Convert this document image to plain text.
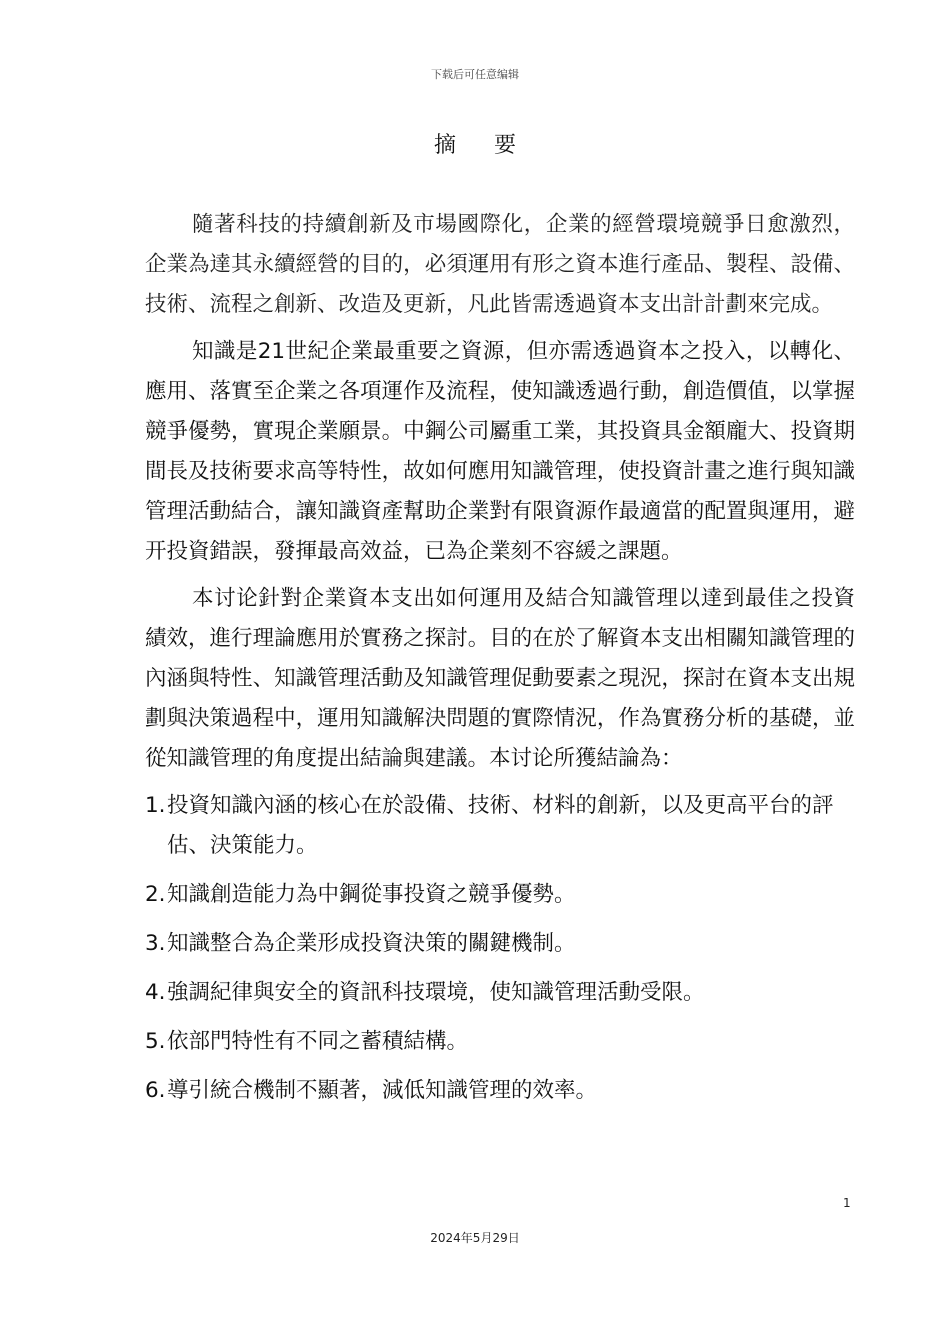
下载后可任意编辑
摘要

隨著科技的持續創新及市場國際化，企業的經營環境競爭日愈激烈，企業為達其永續經營的目的，必須運用有形之資本進行產品、製程、設備、技術、流程之創新、改造及更新，凡此皆需透過資本支出計計劃來完成。

知識是21世紀企業最重要之資源，但亦需透過資本之投入，以轉化、應用、落實至企業之各項運作及流程，使知識透過行動，創造價值，以掌握競爭優勢，實現企業願景。中鋼公司屬重工業，其投資具金額龐大、投資期間長及技術要求高等特性，故如何應用知識管理，使投資計畫之進行與知識管理活動結合，讓知識資產幫助企業對有限資源作最適當的配置與運用，避开投資錯誤，發揮最高效益，已為企業刻不容緩之課題。

本讨论針對企業資本支出如何運用及結合知識管理以達到最佳之投資績效，進行理論應用於實務之探討。目的在於了解資本支出相關知識管理的內涵與特性、知識管理活動及知識管理促動要素之現況，探討在資本支出規劃與決策過程中，運用知識解決問題的實際情況，作為實務分析的基礎，並從知識管理的角度提出結論與建議。本讨论所獲結論為：

1.投資知識內涵的核心在於設備、技術、材料的創新，以及更高平台的評估、決策能力。
2.知識創造能力為中鋼從事投資之競爭優勢。
3.知識整合為企業形成投資決策的關鍵機制。
4.強調紀律與安全的資訊科技環境，使知識管理活動受限。
5.依部門特性有不同之蓄積結構。
6.導引統合機制不顯著，減低知識管理的效率。
1
2024年5月29日
